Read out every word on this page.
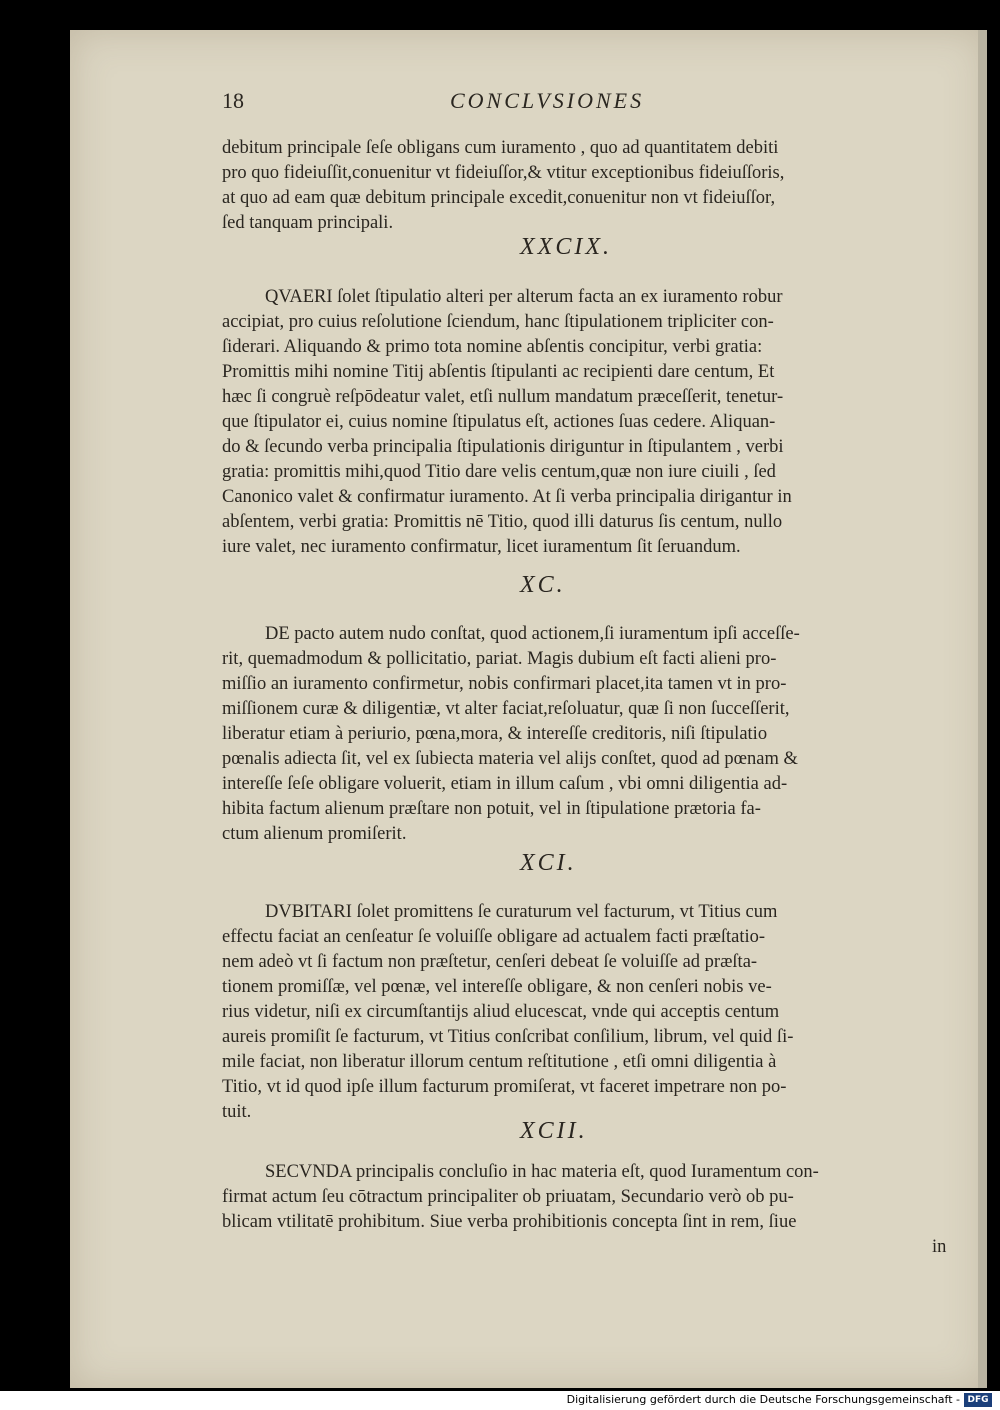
18	CONCLVSIONES
debitum principale ſeſe obligans cum iuramento , quo ad quantitatem debiti
pro quo fideiuſſit,conuenitur vt fideiuſſor,& vtitur exceptionibus fideiuſſoris,
at quo ad eam quæ debitum principale excedit,conuenitur non vt fideiuſſor,
ſed tanquam principali.
XXCIX.
QVAERI ſolet ſtipulatio alteri per alterum facta an ex iuramento robur
accipiat, pro cuius reſolutione ſciendum, hanc ſtipulationem tripliciter con-
ſiderari. Aliquando & primo tota nomine abſentis concipitur, verbi gratia:
Promittis mihi nomine Titij abſentis ſtipulanti ac recipienti dare centum, Et
hæc ſi congruè reſpōdeatur valet, etſi nullum mandatum præceſſerit, tenetur-
que ſtipulator ei, cuius nomine ſtipulatus eſt, actiones ſuas cedere. Aliquan-
do & ſecundo verba principalia ſtipulationis diriguntur in ſtipulantem , verbi
gratia: promittis mihi,quod Titio dare velis centum,quæ non iure ciuili , ſed
Canonico valet & confirmatur iuramento. At ſi verba principalia dirigantur in
abſentem, verbi gratia: Promittis nē Titio, quod illi daturus ſis centum, nullo
iure valet, nec iuramento confirmatur, licet iuramentum ſit ſeruandum.
XC.
DE pacto autem nudo conſtat, quod actionem,ſi iuramentum ipſi acceſſe-
rit, quemadmodum & pollicitatio, pariat. Magis dubium eſt facti alieni pro-
miſſio an iuramento confirmetur, nobis confirmari placet,ita tamen vt in pro-
miſſionem curæ & diligentiæ, vt alter faciat,reſoluatur, quæ ſi non ſucceſſerit,
liberatur etiam à periurio, pœna,mora, & intereſſe creditoris, niſi ſtipulatio
pœnalis adiecta ſit, vel ex ſubiecta materia vel alijs conſtet, quod ad pœnam &
intereſſe ſeſe obligare voluerit, etiam in illum caſum , vbi omni diligentia ad-
hibita factum alienum præſtare non potuit, vel in ſtipulatione prætoria fa-
ctum alienum promiſerit.
XCI.
DVBITARI ſolet promittens ſe curaturum vel facturum, vt Titius cum
effectu faciat an cenſeatur ſe voluiſſe obligare ad actualem facti præſtatio-
nem adeò vt ſi factum non præſtetur, cenſeri debeat ſe voluiſſe ad præſta-
tionem promiſſæ, vel pœnæ, vel intereſſe obligare, & non cenſeri nobis ve-
rius videtur, niſi ex circumſtantijs aliud elucescat, vnde qui acceptis centum
aureis promiſit ſe facturum, vt Titius conſcribat conſilium, librum, vel quid ſi-
mile faciat, non liberatur illorum centum reſtitutione , etſi omni diligentia à
Titio, vt id quod ipſe illum facturum promiſerat, vt faceret impetrare non po-
tuit.
XCII.
SECVNDA principalis concluſio in hac materia eſt, quod Iuramentum con-
firmat actum ſeu cōtractum principaliter ob priuatam, Secundario verò ob pu-
blicam vtilitatē prohibitum. Siue verba prohibitionis concepta ſint in rem, ſiue
in
Digitalisierung gefördert durch die Deutsche Forschungsgemeinschaft - DFG
